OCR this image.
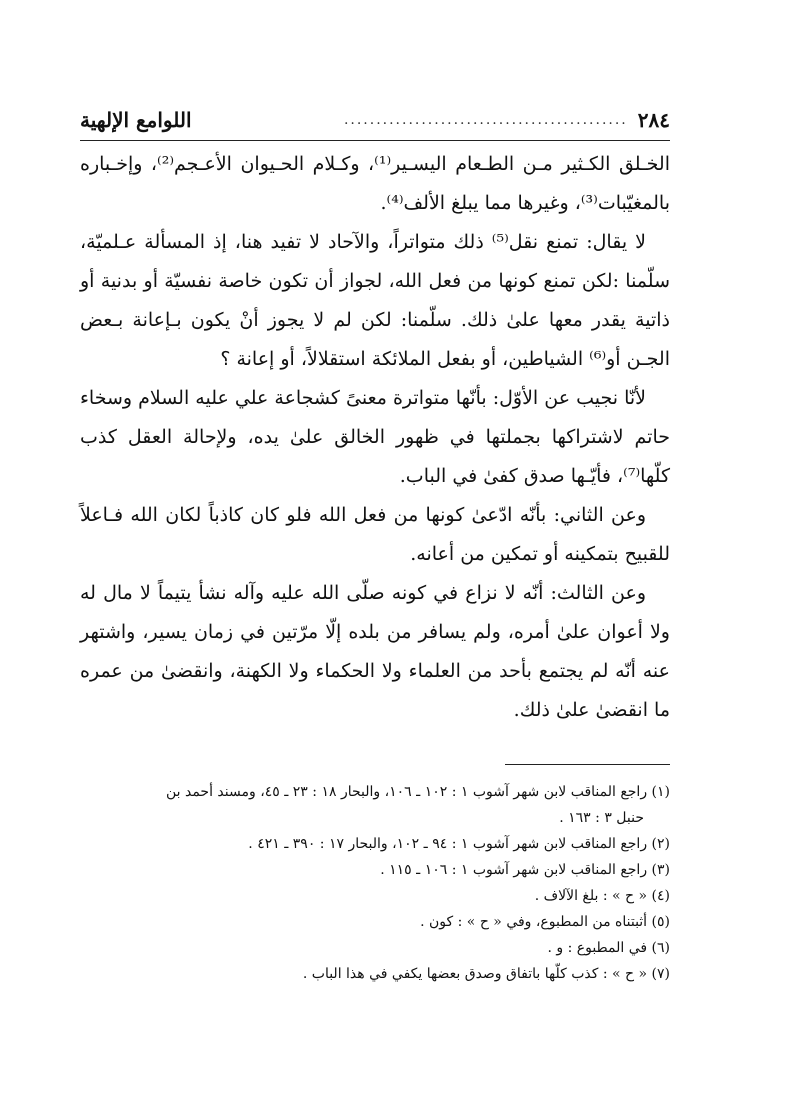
٢٨٤
............................................
اللوامع الإلهية

الخـلق الكـثير مـن الطـعام اليسـير⁽¹⁾، وكـلام الحـيوان الأعـجم⁽²⁾، وإخـباره بالمغيّبات⁽³⁾، وغيرها مما يبلغ الألف⁽⁴⁾.

لا يقال: تمنع نقل⁽⁵⁾ ذلك متواتراً، والآحاد لا تفيد هنا، إذ المسألة عـلميّة، سلّمنا :لكن تمنع كونها من فعل الله، لجواز أن تكون خاصة نفسيّة أو بدنية أو ذاتية يقدر معها علىٰ ذلك. سلّمنا: لكن لم لا يجوز أنْ يكون بـإعانة بـعض الجـن أو⁽⁶⁾ الشياطين، أو بفعل الملائكة استقلالاً، أو إعانة ؟

لأنّا نجيب عن الأوّل: بأنّها متواترة معنىً كشجاعة علي عليه السلام وسخاء حاتم لاشتراكها بجملتها في ظهور الخالق علىٰ يده، ولإحالة العقل كذب كلّها⁽⁷⁾، فأيّـها صدق كفىٰ في الباب.

وعن الثاني: بأنّه ادّعىٰ كونها من فعل الله فلو كان كاذباً لكان الله فـاعلاً للقبيح بتمكينه أو تمكين من أعانه.

وعن الثالث: أنّه لا نزاع في كونه صلّى الله عليه وآله نشأ يتيماً لا مال له ولا أعوان علىٰ أمره، ولم يسافر من بلده إلّا مرّتين في زمان يسير، واشتهر عنه أنّه لم يجتمع بأحد من العلماء ولا الحكماء ولا الكهنة، وانقضىٰ من عمره ما انقضىٰ علىٰ ذلك.

(١) راجع المناقب لابن شهر آشوب ١ : ١٠٢ ـ ١٠٦، والبحار ١٨ : ٢٣ ـ ٤٥، ومسند أحمد بن

حنبل ٣ : ١٦٣ .

(٢) راجع المناقب لابن شهر آشوب ١ : ٩٤ ـ ١٠٢، والبحار ١٧ : ٣٩٠ ـ ٤٢١ .

(٣) راجع المناقب لابن شهر آشوب ١ : ١٠٦ ـ ١١٥ .

(٤) « ح » : بلغ الآلاف .

(٥) أثبتناه من المطبوع، وفي « ح » : كون .

(٦) في المطبوع : و .

(٧) « ح » : كذب كلّها باتفاق وصدق بعضها يكفي في هذا الباب .
